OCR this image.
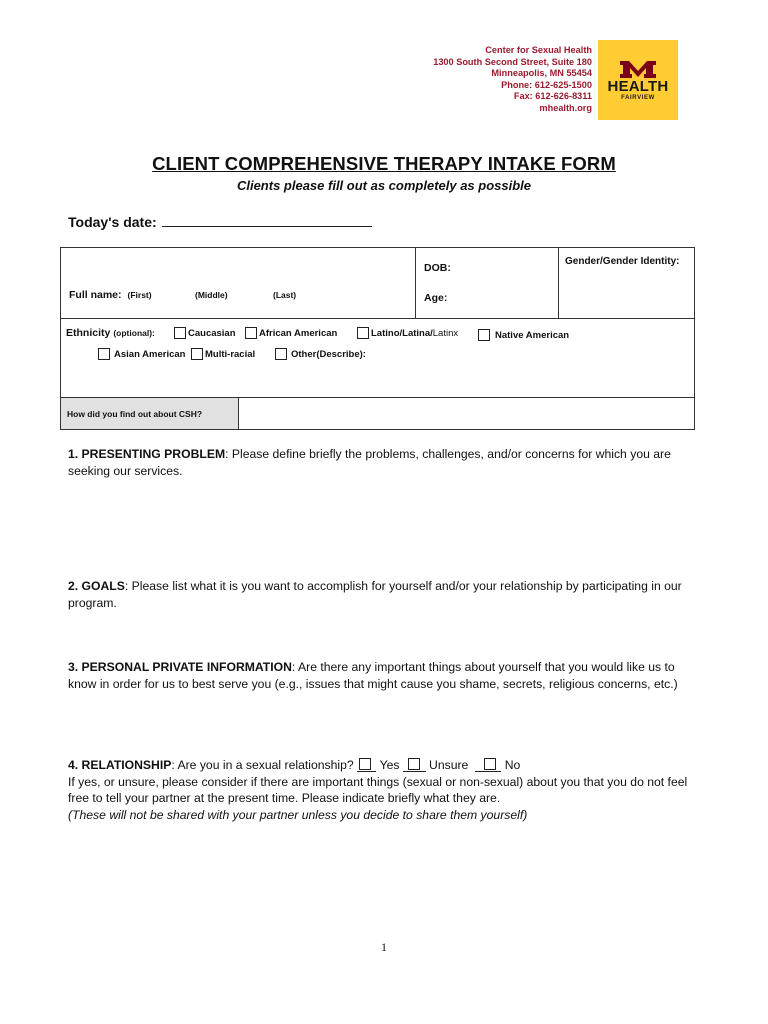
Center for Sexual Health
1300 South Second Street, Suite 180
Minneapolis, MN 55454
Phone: 612-625-1500
Fax: 612-626-8311
mhealth.org
HEALTH
FAIRVIEW
CLIENT COMPREHENSIVE THERAPY INTAKE FORM
Clients please fill out as completely as possible
Today's date:
Full name: (First)	(Middle)	(Last)
DOB:
Age:
Gender/Gender Identity:
Ethnicity (optional):	Caucasian African American	Latino/Latina/ Latinx	Native American
Asian American Multi-racial	Other(Describe):
How did you find out about CSH?
1. PRESENTING PROBLEM: Please define briefly the problems, challenges, and/or concerns for which you are seeking our services.
2. GOALS: Please list what it is you want to accomplish for yourself and/or your relationship by participating in our program.
3. PERSONAL PRIVATE INFORMATION: Are there any important things about yourself that you would like us to know in order for us to best serve you (e.g., issues that might cause you shame, secrets, religious concerns, etc.)
4. RELATIONSHIP: Are you in a sexual relationship?   Yes Unsure	No
If yes, or unsure, please consider if there are important things (sexual or non-sexual) about you that you do not feel free to tell your partner at the present time. Please indicate briefly what they are.
(These will not be shared with your partner unless you decide to share them yourself)
1
